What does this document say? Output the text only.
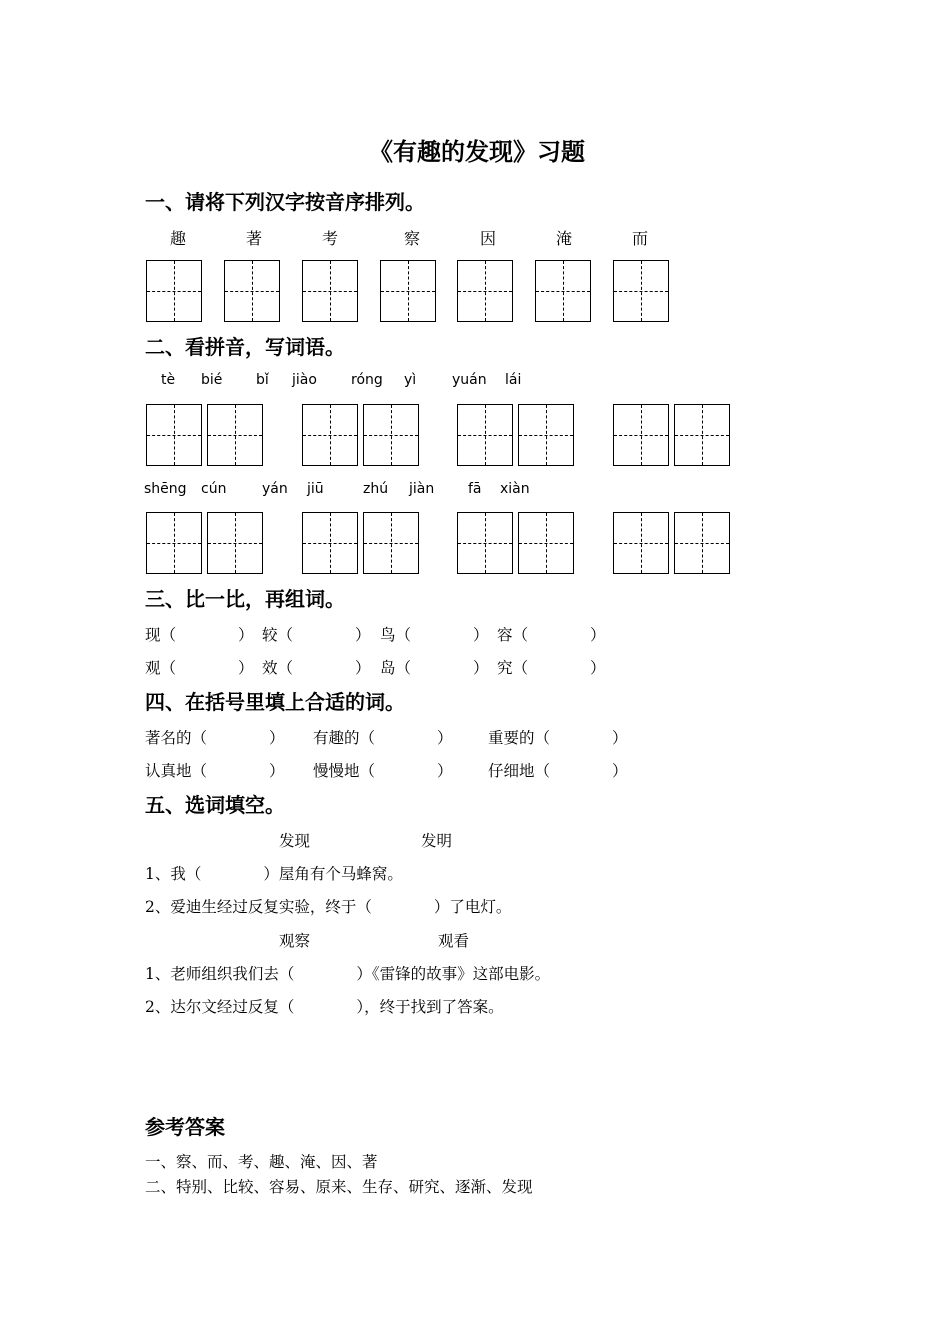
《有趣的发现》习题
一、请将下列汉字按音序排列。
趣	著	考	察	因	淹	而
二、看拼音，写词语。
tè bié bǐ jiào róng yì	yuán lái
shēng cún	yán jiū	zhú jiàn fā xiàn
三、比一比，再组词。
现（　　　　） 较（　　　　） 鸟（　　　　） 容（　　　　）
观（　　　　） 效（　　　　） 岛（　　　　） 究（　　　　）
四、在括号里填上合适的词。
著名的（　　　　） 有趣的（　　　　） 重要的（　　　　）
认真地（　　　　） 慢慢地（　　　　） 仔细地（　　　　）
五、选词填空。
发现	发明
1、我（　　　　）屋角有个马蜂窝。
2、爱迪生经过反复实验，终于（　　　　）了电灯。
观察	观看
1、老师组织我们去（　　　　）《雷锋的故事》这部电影。
2、达尔文经过反复（　　　　），终于找到了答案。
参考答案
一、察、而、考、趣、淹、因、著
二、特别、比较、容易、原来、生存、研究、逐渐、发现
